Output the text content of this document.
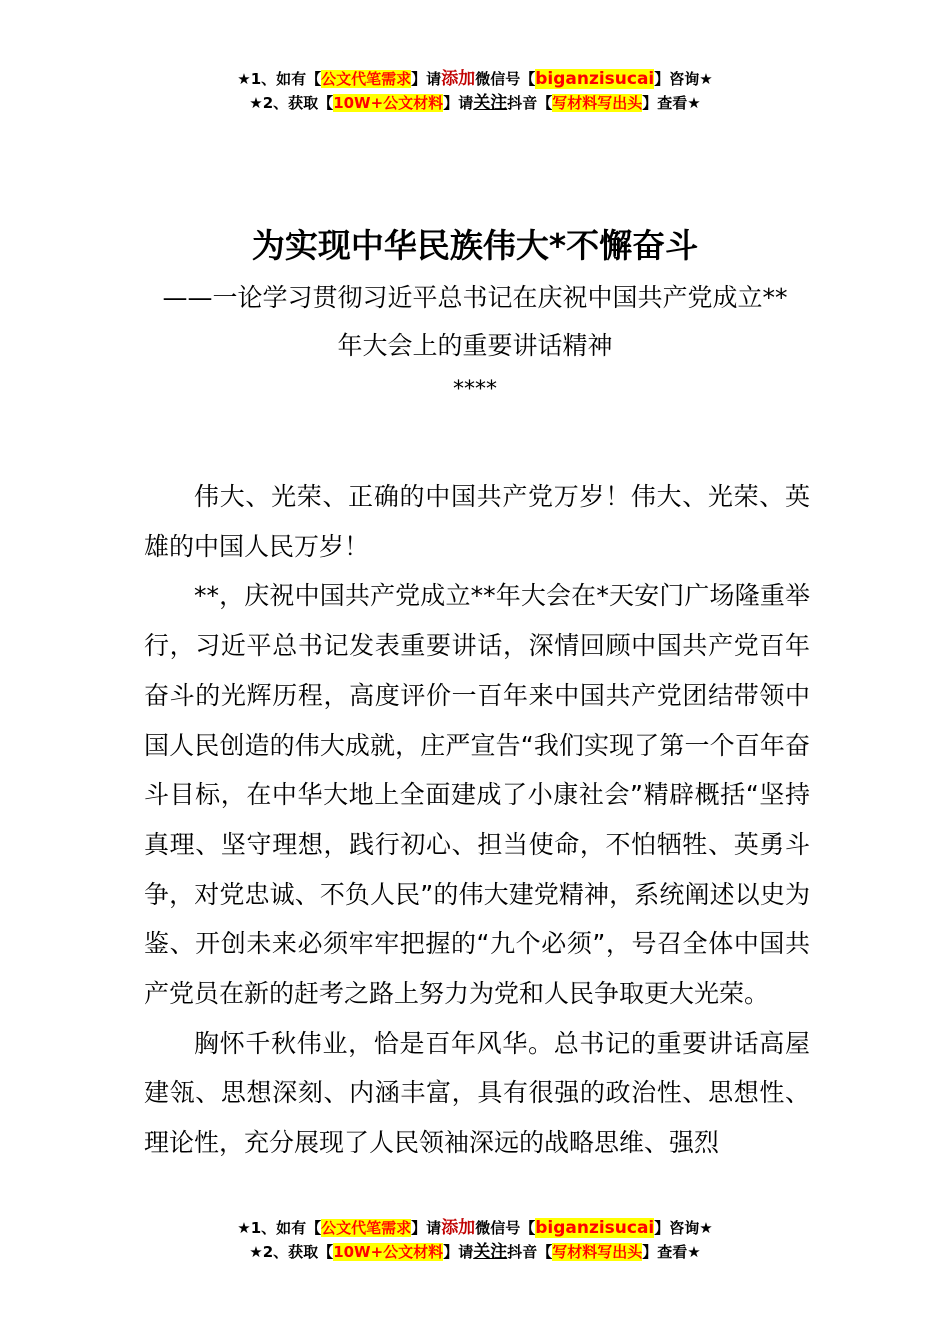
★1、如有【公文代笔需求】请添加微信号【biganzisucai】咨询★
★2、获取【10W+公文材料】请关注抖音【写材料写出头】查看★
为实现中华民族伟大*不懈奋斗
——一论学习贯彻习近平总书记在庆祝中国共产党成立**
年大会上的重要讲话精神
****

伟大、光荣、正确的中国共产党万岁！伟大、光荣、英雄的中国人民万岁！

**，庆祝中国共产党成立**年大会在*天安门广场隆重举行，习近平总书记发表重要讲话，深情回顾中国共产党百年奋斗的光辉历程，高度评价一百年来中国共产党团结带领中国人民创造的伟大成就，庄严宣告“我们实现了第一个百年奋斗目标，在中华大地上全面建成了小康社会”精辟概括“坚持真理、坚守理想，践行初心、担当使命，不怕牺牲、英勇斗争，对党忠诚、不负人民”的伟大建党精神，系统阐述以史为鉴、开创未来必须牢牢把握的“九个必须”，号召全体中国共产党员在新的赶考之路上努力为党和人民争取更大光荣。

胸怀千秋伟业，恰是百年风华。总书记的重要讲话高屋建瓴、思想深刻、内涵丰富，具有很强的政治性、思想性、理论性，充分展现了人民领袖深远的战略思维、强烈

★1、如有【公文代笔需求】请添加微信号【biganzisucai】咨询★
★2、获取【10W+公文材料】请关注抖音【写材料写出头】查看★
